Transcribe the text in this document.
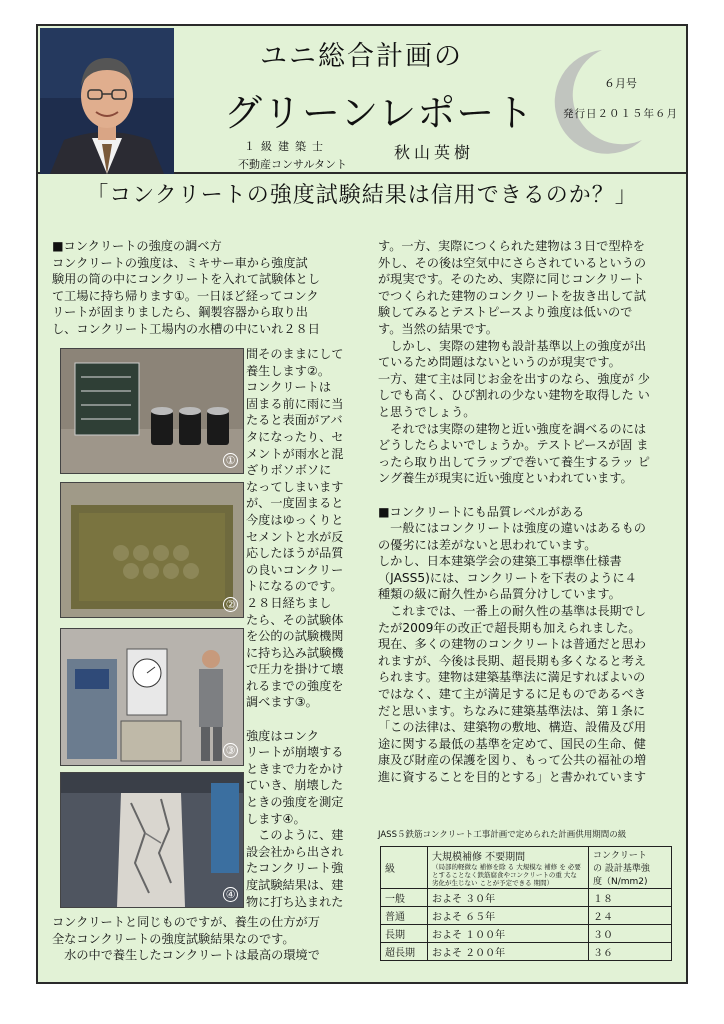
ユニ総合計画の
グリーンレポート
１級建築士
不動産コンサルタント
秋山英樹
６月号
発行日２０１５年６月
「コンクリートの強度試験結果は信用できるのか？」

■コンクリートの強度の調べ方
コンクリートの強度は、ミキサー車から強度試
験用の筒の中にコンクリートを入れて試験体とし
て工場に持ち帰ります①。一日ほど経ってコンク
リートが固まりましたら、鋼製容器から取り出
し、コンクリート工場内の水槽の中にいれ２８日

間そのままにして
養生します②。
コンクリートは
固まる前に雨に当
たると表面がアバ
タになったり、セ
メントが雨水と混
ざりボソボソに
なってしまいます
が、一度固まると
今度はゆっくりと
セメントと水が反
応したほうが品質
の良いコンクリー
トになるのです。
２８日経ちまし
たら、その試験体
を公的の試験機関
に持ち込み試験機
で圧力を掛けて壊
れるまでの強度を
調べます③。

強度はコンク
リートが崩壊する
ときまで力をかけ
ていき、崩壊した
ときの強度を測定
します④。
　このように、建
設会社から出され
たコンクリート強
度試験結果は、建
物に打ち込まれた

コンクリートと同じものですが、養生の仕方が万
全なコンクリートの強度試験結果なのです。
　水の中で養生したコンクリートは最高の環境で

①
②
③
④

す。一方、実際につくられた建物は３日で型枠を
外し、その後は空気中にさらされているというの
が現実です。そのため、実際に同じコンクリート
でつくられた建物のコンクリートを抜き出して試
験してみるとテストピースより強度は低いので
す。当然の結果です。
　しかし、実際の建物も設計基準以上の強度が出
ているため問題はないというのが現実です。
一方、建て主は同じお金を出すのなら、強度が 少
しでも高く、ひび割れの少ない建物を取得した い
と思うでしょう。
　それでは実際の建物と近い強度を調べるのには
どうしたらよいでしょうか。テストピースが固 ま
ったら取り出してラップで巻いて養生するラッ ピ
ング養生が現実に近い強度といわれています。

■コンクリートにも品質レベルがある
　一般にはコンクリートは強度の違いはあるもの
の優劣には差がないと思われています。
しかし、日本建築学会の建築工事標準仕様書
（JASS5)には、コンクリートを下表のように４
種類の級に耐久性から品質分けしています。
　これまでは、一番上の耐久性の基準は長期でし
たが2009年の改正で超長期も加えられました。
現在、多くの建物のコンクリートは普通だと思わ
れますが、今後は長期、超長期も多くなると考え
られます。建物は建築基準法に満足すればよいの
ではなく、建て主が満足するに足ものであるべき
だと思います。ちなみに建築基準法は、第１条に
「この法律は、建築物の敷地、構造、設備及び用
途に関する最低の基準を定めて、国民の生命、健
康及び財産の保護を図り、もって公共の福祉の増
進に資することを目的とする」と書かれています

JASS５鉄筋コンクリート工事計画で定められた計画供用期間の級
級	大規模補修 不要期間
（局部的軽微な 補修を除 る 大規模な 補修 を 必要とすることなく鉄筋腐食やコンクリートの重 大な 劣化が生じない ことが予定できる 期間）	コンクリート
の 設計基準強
度（N/mm2)
一般	およそ ３０年	１８
普通	およそ ６５年	２４
長期	およそ １００年	３０
超長期	およそ ２００年	３６
